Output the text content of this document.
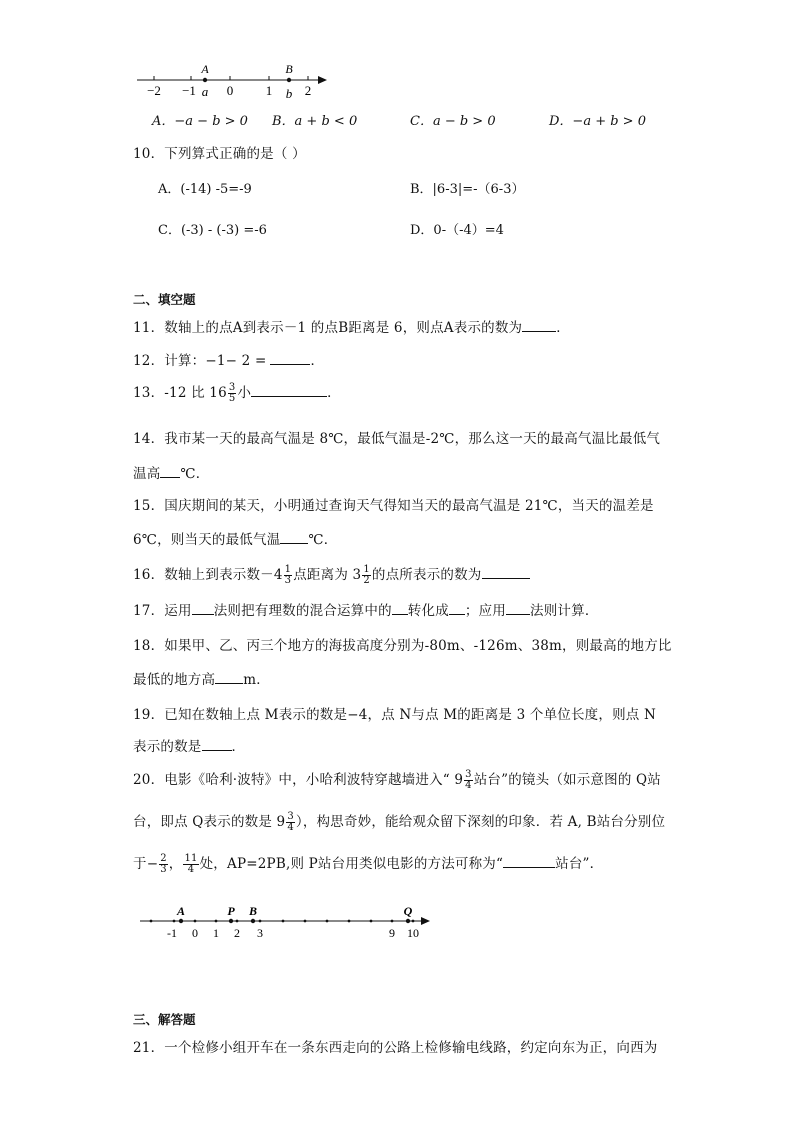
−2 −1 0	1	2
A
a
B
b
A．−a − b > 0 B．a + b < 0	C．a − b > 0	D．−a + b > 0
10．下列算式正确的是（ ）
A．(-14) -5=-9	B．|6-3|=-（6-3）
C．(-3) - (-3) =-6	D．0-（-4）=4
二、填空题
11．数轴上的点A到表示－1 的点B距离是 6，则点A表示的数为	．
12．计算：−1− 2 =	．
13．-12 比 $16 \frac{3}{5}$ 小	．
14．我市某一天的最高气温是 8℃，最低气温是-2℃，那么这一天的最高气温比最低气
温高 ℃．
15．国庆期间的某天，小明通过查询天气得知当天的最高气温是 21℃，当天的温差是
6℃，则当天的最低气温 ℃．
16．数轴上到表示数$-4 \frac{1}{3}$ 点距离为 $3 \frac{1}{2}$ 的点所表示的数为
17．运用 法则把有理数的混合运算中的 转化成 ；应用 法则计算．
18．如果甲、乙、丙三个地方的海拔高度分别为-80m、-126m、38m，则最高的地方比
最低的地方高 m．
19．已知在数轴上点 M表示的数是−4，点 N与点 M的距离是 3 个单位长度，则点 N
表示的数是 ．
20．电影《哈利·波特》中，小哈利波特穿越墙进入“ $9 \frac{3}{4}$ 站台”的镜头（如示意图的 Q站
台，即点 Q表示的数是 $9 \frac{3}{4}$ ），构思奇妙，能给观众留下深刻的印象．若 A, B站台分别位
于− $\frac{2}{3}$ ， $\frac{11}{4}$ 处，AP=2PB,则 P站台用类似电影的方法可称为“	站台”．
A	P B	Q
-1 0 1 2 3	9 10
三、解答题
21．一个检修小组开车在一条东西走向的公路上检修输电线路，约定向东为正，向西为
